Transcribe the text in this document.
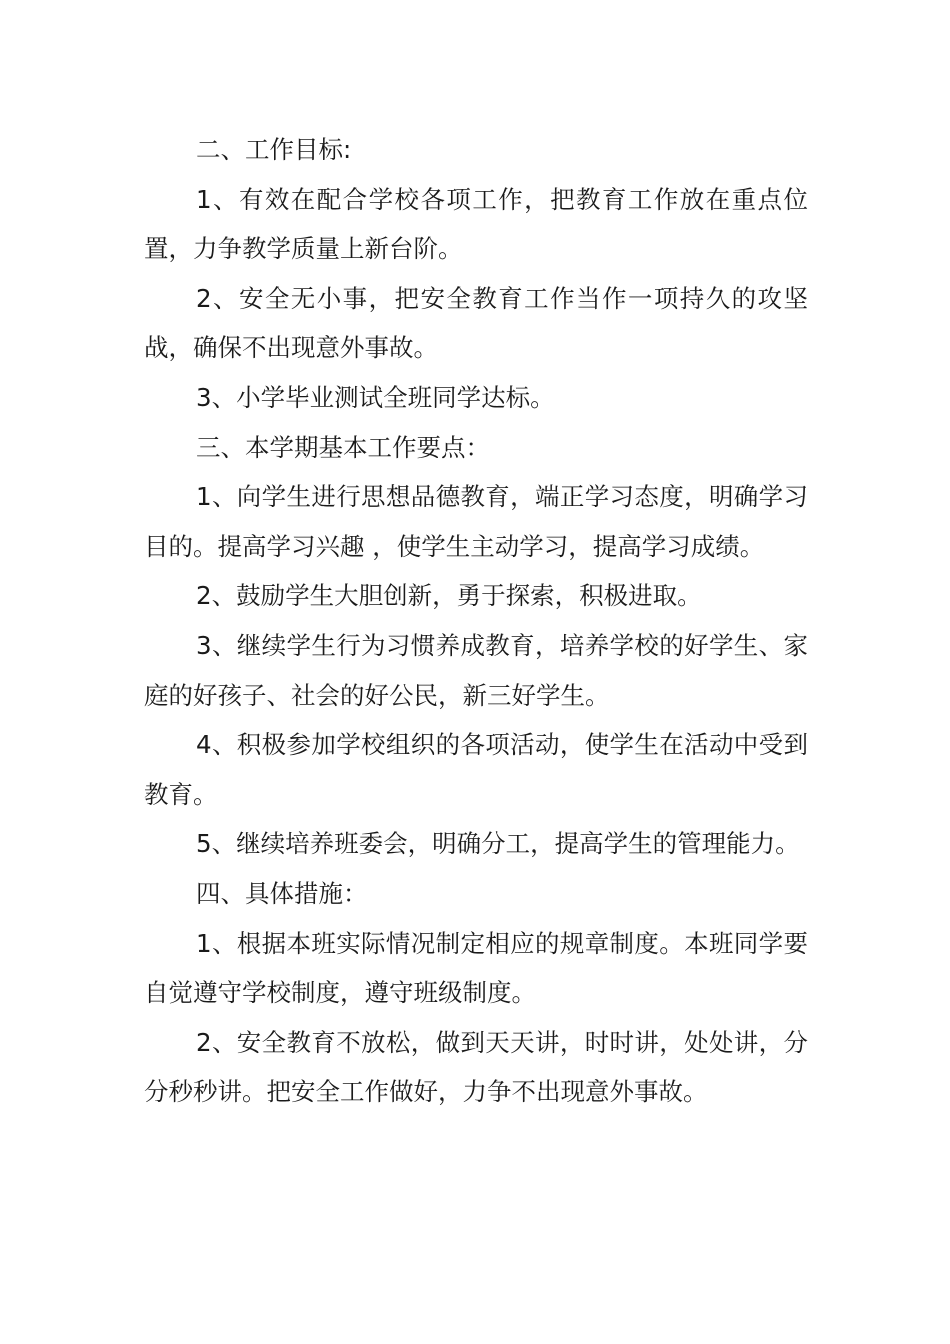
二、工作目标:

1、有效在配合学校各项工作，把教育工作放在重点位置，力争教学质量上新台阶。

2、安全无小事，把安全教育工作当作一项持久的攻坚战，确保不出现意外事故。

3、小学毕业测试全班同学达标。

三、本学期基本工作要点：

1、向学生进行思想品德教育，端正学习态度，明确学习目的。提高学习兴趣 ，使学生主动学习，提高学习成绩。

2、鼓励学生大胆创新，勇于探索，积极进取。

3、继续学生行为习惯养成教育，培养学校的好学生、家庭的好孩子、社会的好公民，新三好学生。

4、积极参加学校组织的各项活动，使学生在活动中受到教育。

5、继续培养班委会，明确分工，提高学生的管理能力。

四、具体措施：

1、根据本班实际情况制定相应的规章制度。本班同学要自觉遵守学校制度，遵守班级制度。

2、安全教育不放松，做到天天讲，时时讲，处处讲，分分秒秒讲。把安全工作做好，力争不出现意外事故。
